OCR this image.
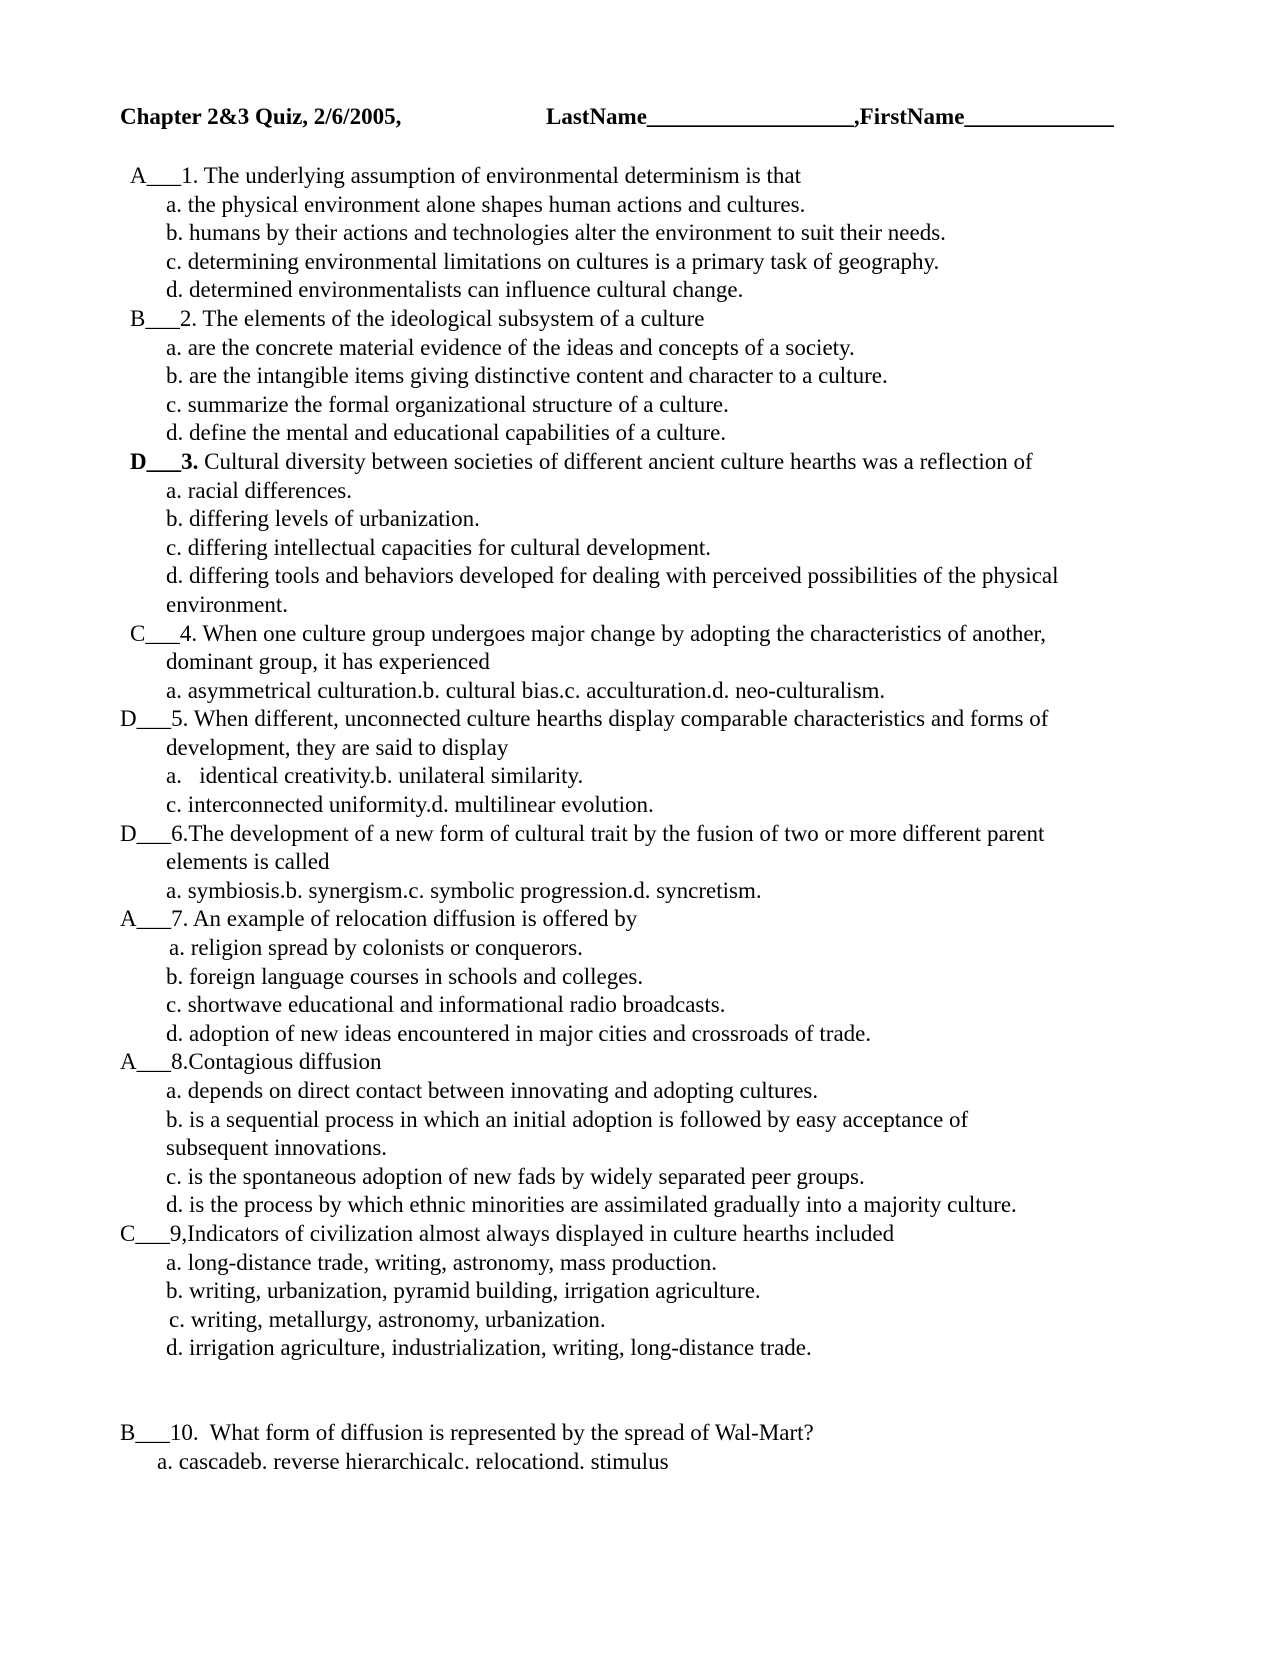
Chapter 2&3 Quiz, 2/6/2005,	LastName__________________,FirstName_____________
A___1. The underlying assumption of environmental determinism is that
a. the physical environment alone shapes human actions and cultures.
b. humans by their actions and technologies alter the environment to suit their needs.
c. determining environmental limitations on cultures is a primary task of geography.
d. determined environmentalists can influence cultural change.
B___2. The elements of the ideological subsystem of a culture
a. are the concrete material evidence of the ideas and concepts of a society.
b. are the intangible items giving distinctive content and character to a culture.
c. summarize the formal organizational structure of a culture.
d. define the mental and educational capabilities of a culture.
D___3. Cultural diversity between societies of different ancient culture hearths was a reflection of
a. racial differences.
b. differing levels of urbanization.
c. differing intellectual capacities for cultural development.
d. differing tools and behaviors developed for dealing with perceived possibilities of the physical
environment.
C___4. When one culture group undergoes major change by adopting the characteristics of another,
dominant group, it has experienced
a. asymmetrical culturation.b. cultural bias.c. acculturation.d. neo-culturalism.
D___5. When different, unconnected culture hearths display comparable characteristics and forms of
development, they are said to display
a.   identical creativity.b. unilateral similarity.
c. interconnected uniformity.d. multilinear evolution.
D___6.The development of a new form of cultural trait by the fusion of two or more different parent
elements is called
a. symbiosis.b. synergism.c. symbolic progression.d. syncretism.
A___7. An example of relocation diffusion is offered by
a. religion spread by colonists or conquerors.
b. foreign language courses in schools and colleges.
c. shortwave educational and informational radio broadcasts.
d. adoption of new ideas encountered in major cities and crossroads of trade.
A___8.Contagious diffusion
a. depends on direct contact between innovating and adopting cultures.
b. is a sequential process in which an initial adoption is followed by easy acceptance of
subsequent innovations.
c. is the spontaneous adoption of new fads by widely separated peer groups.
d. is the process by which ethnic minorities are assimilated gradually into a majority culture.
C___9,Indicators of civilization almost always displayed in culture hearths included
a. long-distance trade, writing, astronomy, mass production.
b. writing, urbanization, pyramid building, irrigation agriculture.
c. writing, metallurgy, astronomy, urbanization.
d. irrigation agriculture, industrialization, writing, long-distance trade.
B___10.  What form of diffusion is represented by the spread of Wal-Mart?
a. cascadeb. reverse hierarchicalc. relocationd. stimulus
